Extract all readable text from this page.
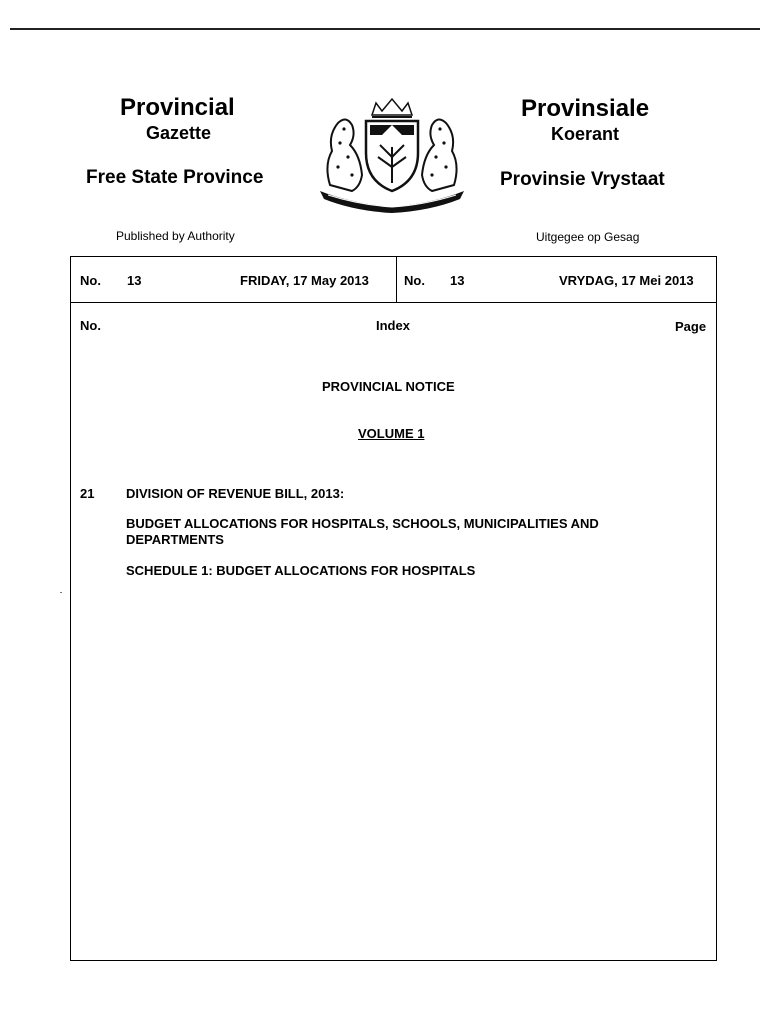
Provincial
Gazette
Free State Province
Published by Authority
Provinsiale
Koerant
Provinsie Vrystaat
Uitgegee op Gesag
No. 13	FRIDAY, 17 May 2013	No. 13	VRYDAG, 17 Mei 2013
No.	Index	Page
PROVINCIAL NOTICE
VOLUME 1
21 DIVISION OF REVENUE BILL, 2013:
BUDGET ALLOCATIONS FOR HOSPITALS, SCHOOLS, MUNICIPALITIES AND
DEPARTMENTS
SCHEDULE 1: BUDGET ALLOCATIONS FOR HOSPITALS
